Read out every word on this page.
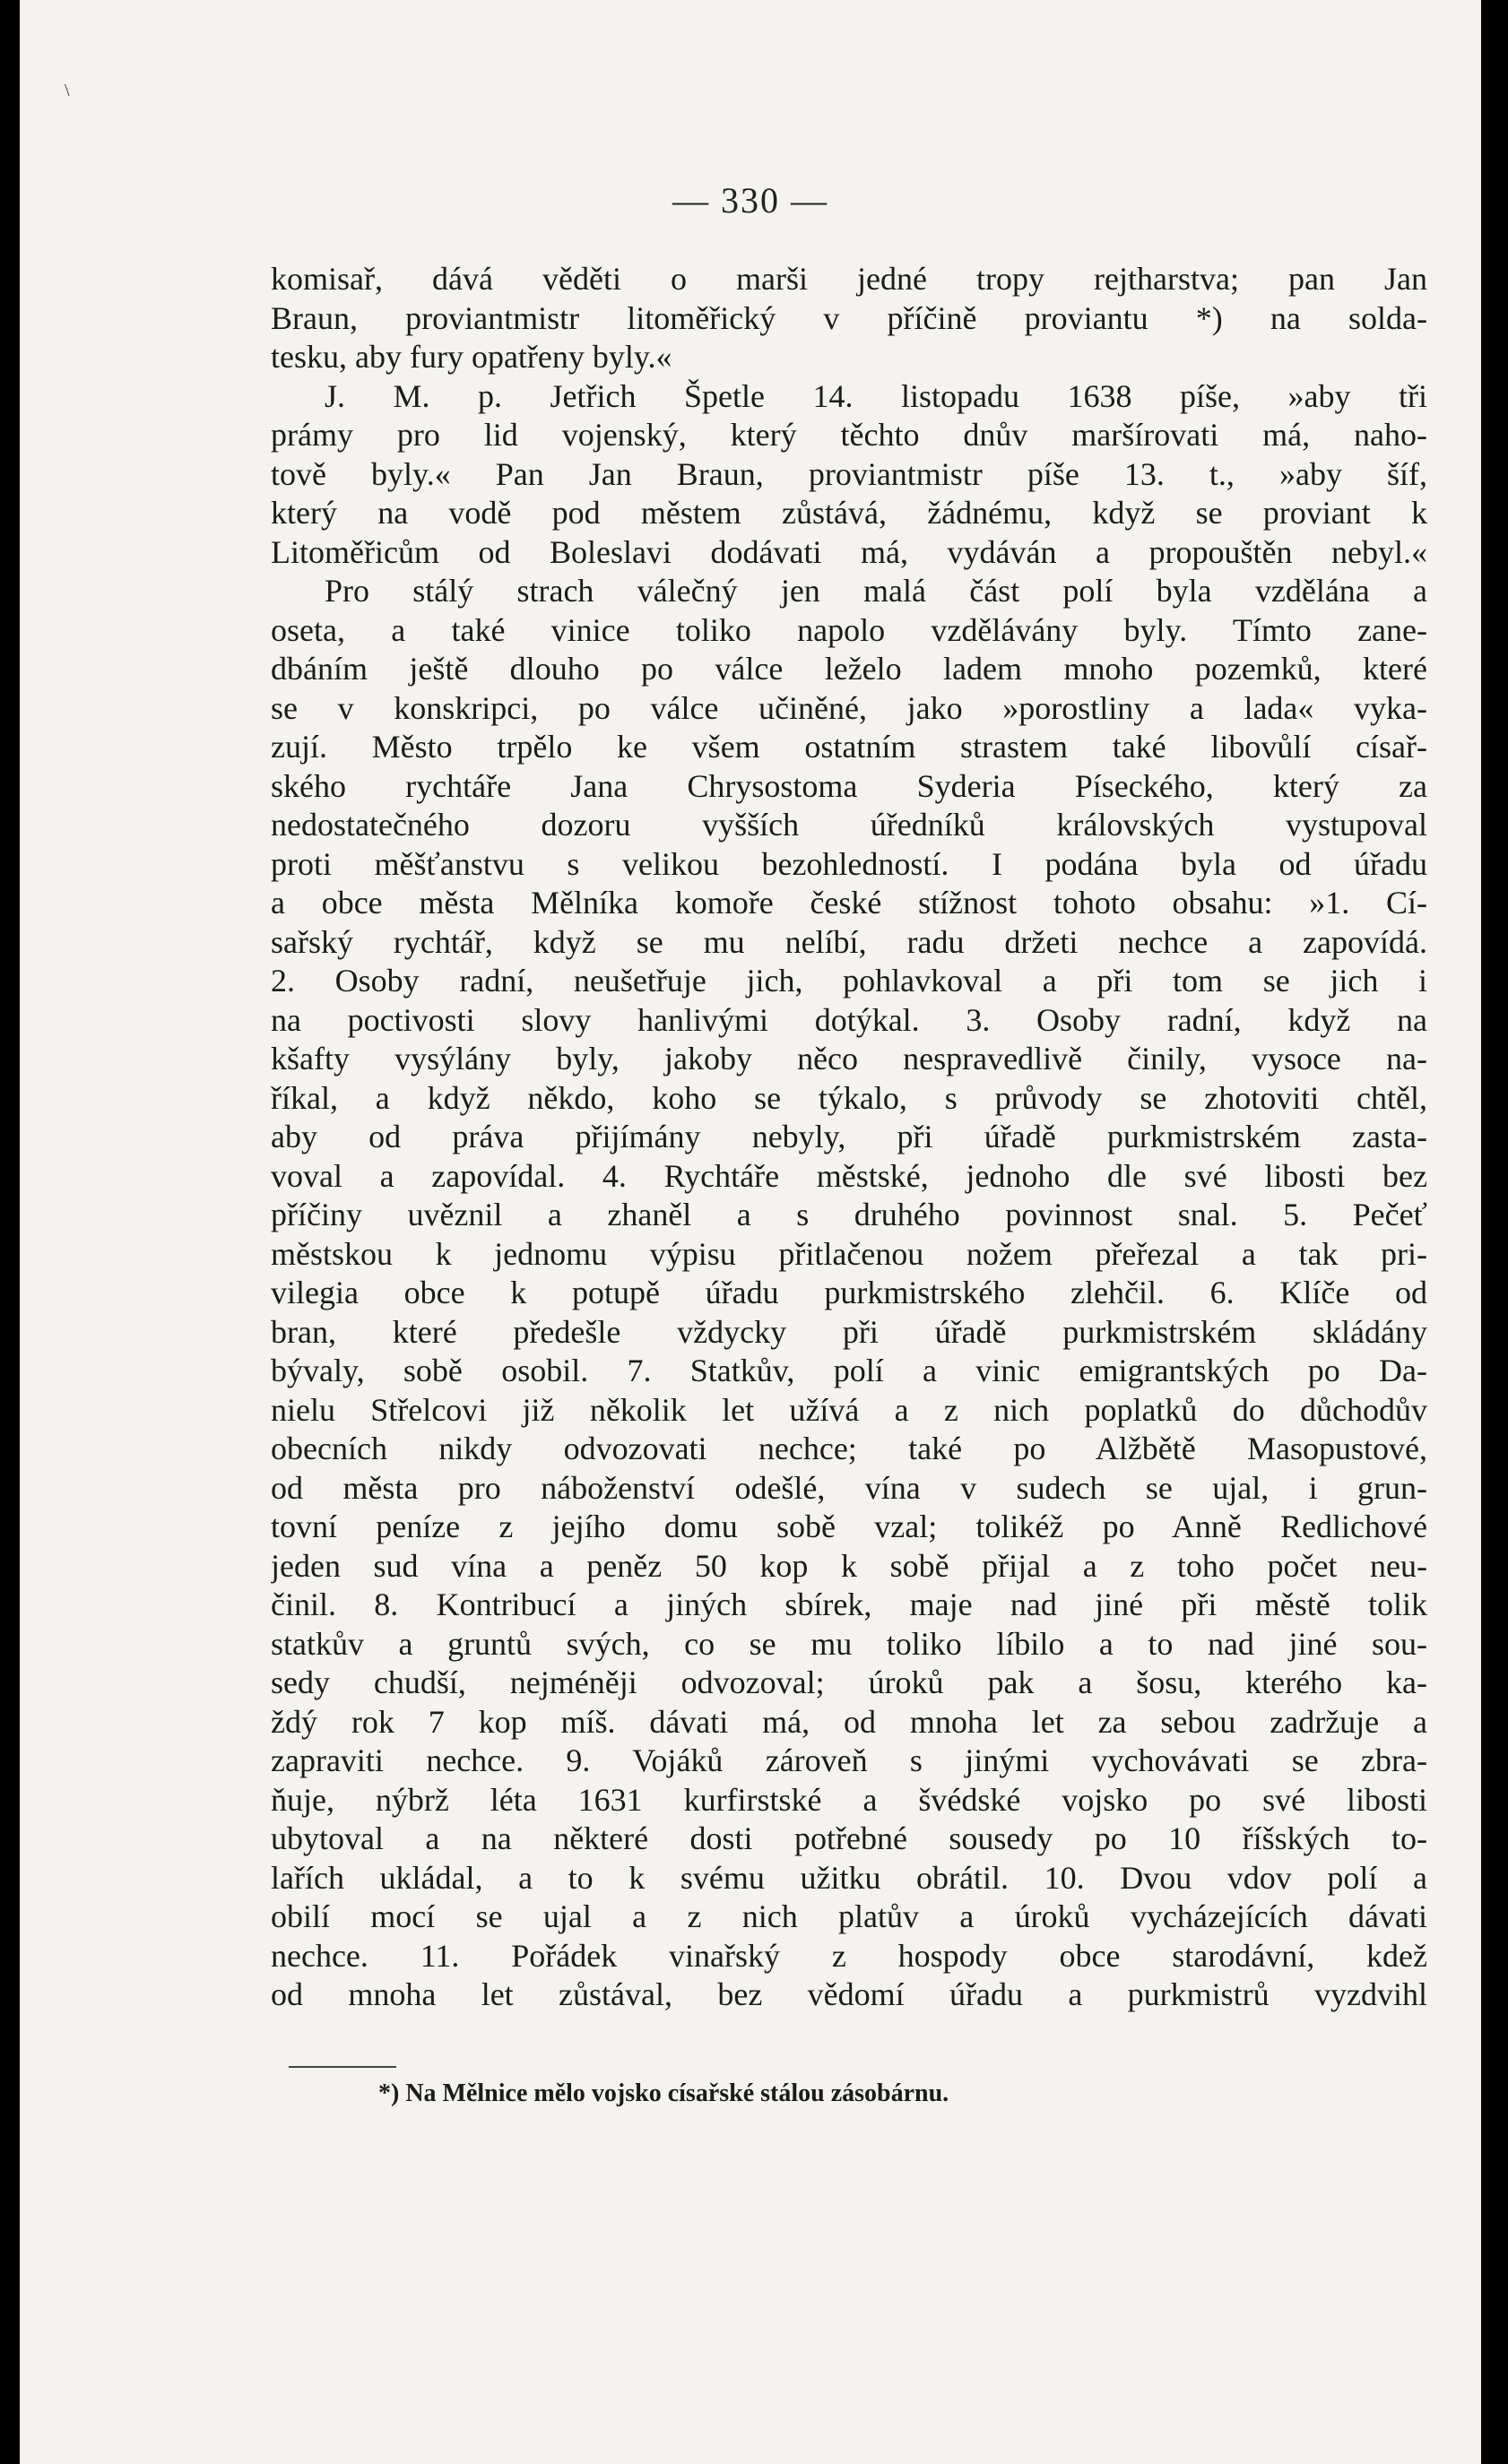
\
— 330 —
komisař, dává věděti o marši jedné tropy rejtharstva; pan Jan
Braun, proviantmistr litoměřický v příčině proviantu *) na solda-
tesku, aby fury opatřeny byly.«
J. M. p. Jetřich Špetle 14. listopadu 1638 píše, »aby tři
prámy pro lid vojenský, který těchto dnův maršírovati má, naho-
tově byly.« Pan Jan Braun, proviantmistr píše 13. t., »aby šíf,
který na vodě pod městem zůstává, žádnému, když se proviant k
Litoměřicům od Boleslavi dodávati má, vydáván a propouštěn nebyl.«
Pro stálý strach válečný jen malá část polí byla vzdělána a
oseta, a také vinice toliko napolo vzdělávány byly. Tímto zane-
dbáním ještě dlouho po válce leželo ladem mnoho pozemků, které
se v konskripci, po válce učiněné, jako »porostliny a lada« vyka-
zují. Město trpělo ke všem ostatním strastem také libovůlí císař-
ského rychtáře Jana Chrysostoma Syderia Píseckého, který za
nedostatečného dozoru vyšších úředníků královských vystupoval
proti měšťanstvu s velikou bezohledností. I podána byla od úřadu
a obce města Mělníka komoře české stížnost tohoto obsahu: »1. Cí-
sařský rychtář, když se mu nelíbí, radu držeti nechce a zapovídá.
2. Osoby radní, neušetřuje jich, pohlavkoval a při tom se jich i
na poctivosti slovy hanlivými dotýkal. 3. Osoby radní, když na
kšafty vysýlány byly, jakoby něco nespravedlivě činily, vysoce na-
říkal, a když někdo, koho se týkalo, s průvody se zhotoviti chtěl,
aby od práva přijímány nebyly, při úřadě purkmistrském zasta-
voval a zapovídal. 4. Rychtáře městské, jednoho dle své libosti bez
příčiny uvěznil a zhaněl a s druhého povinnost snal. 5. Pečeť
městskou k jednomu výpisu přitlačenou nožem přeřezal a tak pri-
vilegia obce k potupě úřadu purkmistrského zlehčil. 6. Klíče od
bran, které předešle vždycky při úřadě purkmistrském skládány
bývaly, sobě osobil. 7. Statkův, polí a vinic emigrantských po Da-
nielu Střelcovi již několik let užívá a z nich poplatků do důchodův
obecních nikdy odvozovati nechce; také po Alžbětě Masopustové,
od města pro náboženství odešlé, vína v sudech se ujal, i grun-
tovní peníze z jejího domu sobě vzal; tolikéž po Anně Redlichové
jeden sud vína a peněz 50 kop k sobě přijal a z toho počet neu-
činil. 8. Kontribucí a jiných sbírek, maje nad jiné při městě tolik
statkův a gruntů svých, co se mu toliko líbilo a to nad jiné sou-
sedy chudší, nejméněji odvozoval; úroků pak a šosu, kterého ka-
ždý rok 7 kop míš. dávati má, od mnoha let za sebou zadržuje a
zapraviti nechce. 9. Vojáků zároveň s jinými vychovávati se zbra-
ňuje, nýbrž léta 1631 kurfirstské a švédské vojsko po své libosti
ubytoval a na některé dosti potřebné sousedy po 10 říšských to-
lařích ukládal, a to k svému užitku obrátil. 10. Dvou vdov polí a
obilí mocí se ujal a z nich platův a úroků vycházejících dávati
nechce. 11. Pořádek vinařský z hospody obce starodávní, kdež
od mnoha let zůstával, bez vědomí úřadu a purkmistrů vyzdvihl
*) Na Mělnice mělo vojsko císařské stálou zásobárnu.
